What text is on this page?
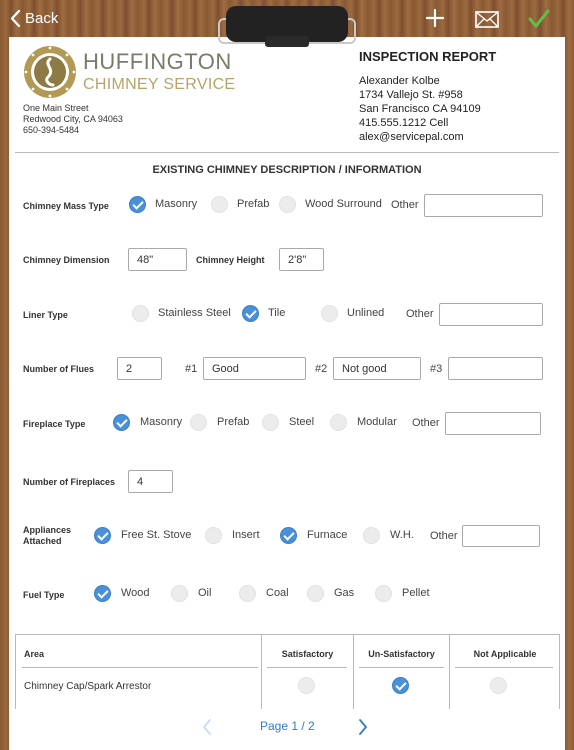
Back
HUFFINGTON
CHIMNEY SERVICE
One Main Street
Redwood City, CA 94063
650-394-5484
INSPECTION REPORT
Alexander Kolbe
1734 Vallejo St. #958
San Francisco CA 94109
415.555.1212 Cell
alex@servicepal.com
EXISTING CHIMNEY DESCRIPTION / INFORMATION
Chimney Mass Type	Masonry	Prefab	Wood Surround Other
Chimney Dimension	48"	Chimney Height	2'8"
Liner Type	Stainless Steel	Tile	Unlined Other
Number of Flues	2	#1	Good	#2	Not good	#3
Fireplace Type	Masonry	Prefab	Steel	Modular Other
Number of Fireplaces	4
Appliances
Attached	Free St. Stove	Insert	Furnace	W.H. Other
Fuel Type	Wood	Oil	Coal	Gas	Pellet
Area	Satisfactory	Un-Satisfactory	Not Applicable
Chimney Cap/Spark Arrestor
Page 1 / 2
